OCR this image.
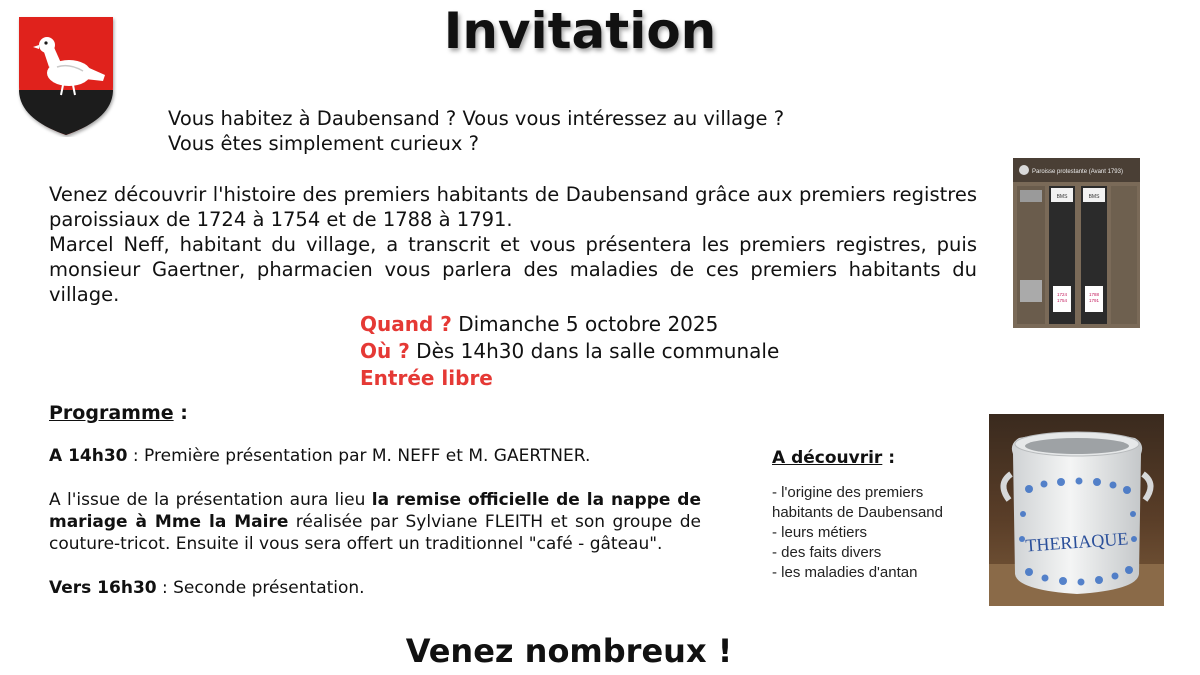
Invitation
Vous habitez à Daubensand ? Vous vous intéressez au village ?
Vous êtes simplement curieux ?

Venez découvrir l'histoire des premiers habitants de Daubensand grâce aux premiers registres paroissiaux de 1724 à 1754 et de 1788 à 1791.

Marcel Neff, habitant du village, a transcrit et vous présentera les premiers registres, puis monsieur Gaertner, pharmacien vous parlera des maladies de ces premiers habitants du village.

Quand ? Dimanche 5 octobre 2025
Où ? Dès 14h30 dans la salle communale
Entrée libre
Paroisse protestante (Avant 1793)
BMS
1724 1754
BMS
1788 1791
Programme :
A 14h30 : Première présentation par M. NEFF et M. GAERTNER.
A l'issue de la présentation aura lieu la remise officielle de la nappe de mariage à Mme la Maire réalisée par Sylviane FLEITH et son groupe de couture-tricot. Ensuite il vous sera offert un traditionnel "café - gâteau".
Vers 16h30 : Seconde présentation.
A découvrir :
- l'origine des premiers habitants de Daubensand
- leurs métiers
- des faits divers
- les maladies d'antan
THERIAQUE
Venez nombreux !
